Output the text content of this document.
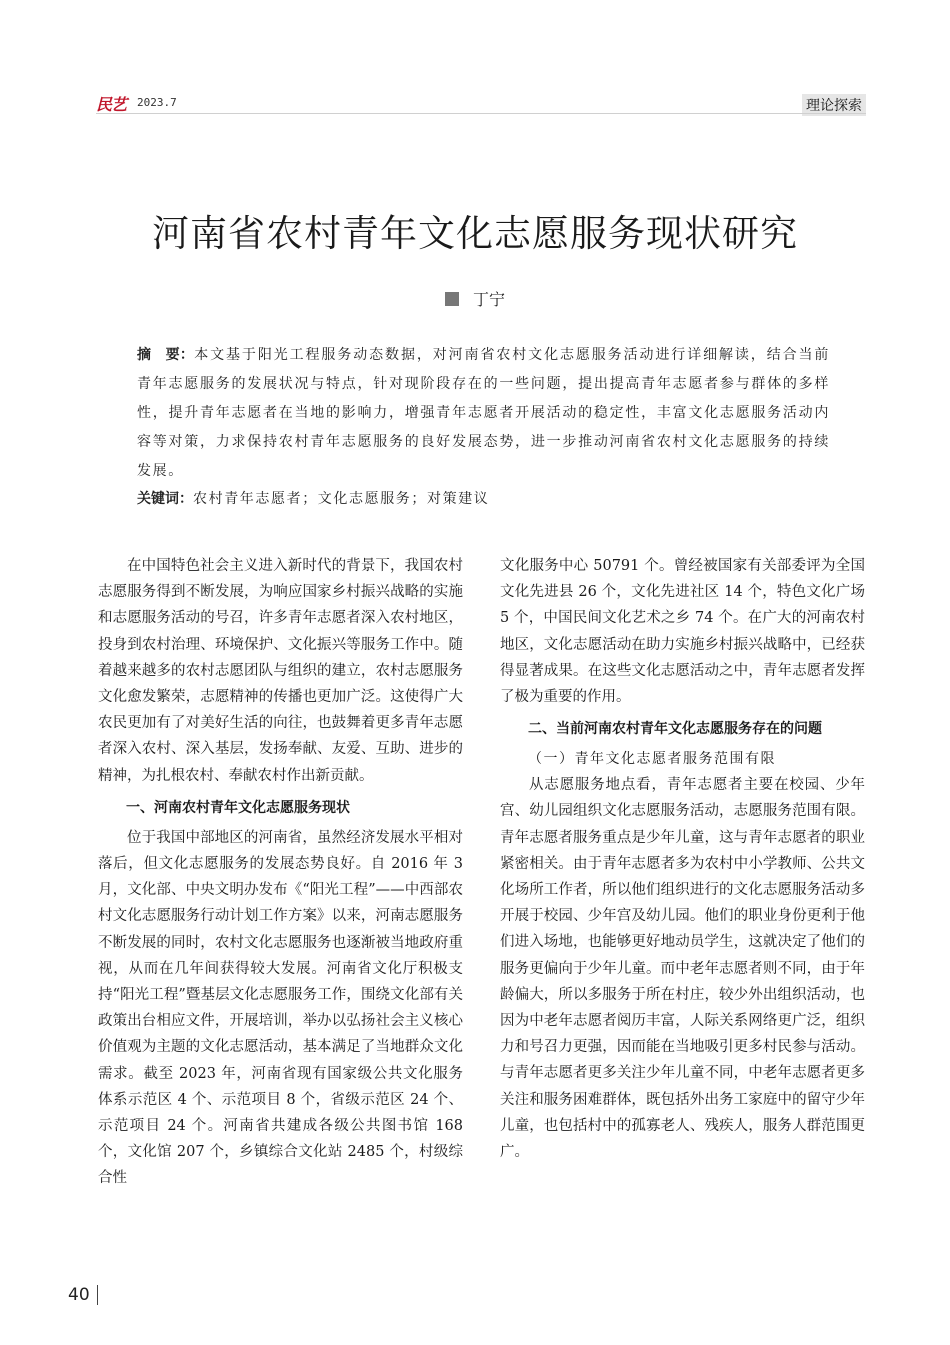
民艺 2023.7	理论探索
河南省农村青年文化志愿服务现状研究
丁宁
摘　要：本文基于阳光工程服务动态数据，对河南省农村文化志愿服务活动进行详细解读，结合当前青年志愿服务的发展状况与特点，针对现阶段存在的一些问题，提出提高青年志愿者参与群体的多样性，提升青年志愿者在当地的影响力，增强青年志愿者开展活动的稳定性，丰富文化志愿服务活动内容等对策，力求保持农村青年志愿服务的良好发展态势，进一步推动河南省农村文化志愿服务的持续发展。
关键词：农村青年志愿者；文化志愿服务；对策建议

在中国特色社会主义进入新时代的背景下，我国农村志愿服务得到不断发展，为响应国家乡村振兴战略的实施和志愿服务活动的号召，许多青年志愿者深入农村地区，投身到农村治理、环境保护、文化振兴等服务工作中。随着越来越多的农村志愿团队与组织的建立，农村志愿服务文化愈发繁荣，志愿精神的传播也更加广泛。这使得广大农民更加有了对美好生活的向往，也鼓舞着更多青年志愿者深入农村、深入基层，发扬奉献、友爱、互助、进步的精神，为扎根农村、奉献农村作出新贡献。

一、河南农村青年文化志愿服务现状

位于我国中部地区的河南省，虽然经济发展水平相对落后，但文化志愿服务的发展态势良好。自 2016 年 3 月，文化部、中央文明办发布《“阳光工程”——中西部农村文化志愿服务行动计划工作方案》以来，河南志愿服务不断发展的同时，农村文化志愿服务也逐渐被当地政府重视，从而在几年间获得较大发展。河南省文化厅积极支持“阳光工程”暨基层文化志愿服务工作，围绕文化部有关政策出台相应文件，开展培训，举办以弘扬社会主义核心价值观为主题的文化志愿活动，基本满足了当地群众文化需求。截至 2023 年，河南省现有国家级公共文化服务体系示范区 4 个、示范项目 8 个，省级示范区 24 个、示范项目 24 个。河南省共建成各级公共图书馆 168 个，文化馆 207 个，乡镇综合文化站 2485 个，村级综合性

文化服务中心 50791 个。曾经被国家有关部委评为全国文化先进县 26 个，文化先进社区 14 个，特色文化广场 5 个，中国民间文化艺术之乡 74 个。在广大的河南农村地区，文化志愿活动在助力实施乡村振兴战略中，已经获得显著成果。在这些文化志愿活动之中，青年志愿者发挥了极为重要的作用。

二、当前河南农村青年文化志愿服务存在的问题
（一）青年文化志愿者服务范围有限

从志愿服务地点看，青年志愿者主要在校园、少年宫、幼儿园组织文化志愿服务活动，志愿服务范围有限。青年志愿者服务重点是少年儿童，这与青年志愿者的职业紧密相关。由于青年志愿者多为农村中小学教师、公共文化场所工作者，所以他们组织进行的文化志愿服务活动多开展于校园、少年宫及幼儿园。他们的职业身份更利于他们进入场地，也能够更好地动员学生，这就决定了他们的服务更偏向于少年儿童。而中老年志愿者则不同，由于年龄偏大，所以多服务于所在村庄，较少外出组织活动，也因为中老年志愿者阅历丰富，人际关系网络更广泛，组织力和号召力更强，因而能在当地吸引更多村民参与活动。与青年志愿者更多关注少年儿童不同，中老年志愿者更多关注和服务困难群体，既包括外出务工家庭中的留守少年儿童，也包括村中的孤寡老人、残疾人，服务人群范围更广。

40
